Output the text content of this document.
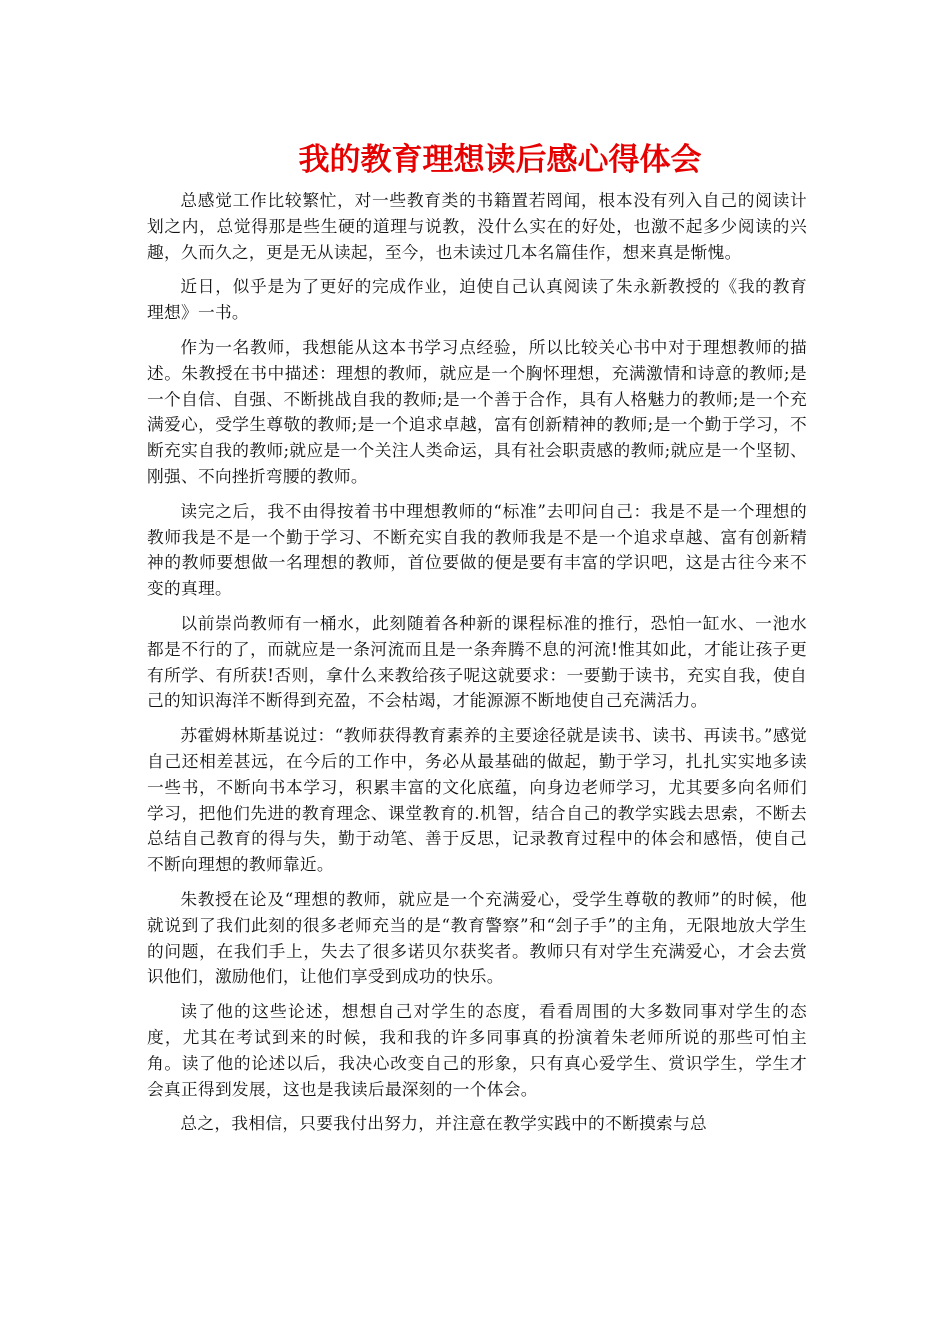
我的教育理想读后感心得体会

总感觉工作比较繁忙，对一些教育类的书籍置若罔闻，根本没有列入自己的阅读计划之内，总觉得那是些生硬的道理与说教，没什么实在的好处，也激不起多少阅读的兴趣，久而久之，更是无从读起，至今，也未读过几本名篇佳作，想来真是惭愧。

近日，似乎是为了更好的完成作业，迫使自己认真阅读了朱永新教授的《我的教育理想》一书。

作为一名教师，我想能从这本书学习点经验，所以比较关心书中对于理想教师的描述。朱教授在书中描述：理想的教师，就应是一个胸怀理想，充满激情和诗意的教师;是一个自信、自强、不断挑战自我的教师;是一个善于合作，具有人格魅力的教师;是一个充满爱心，受学生尊敬的教师;是一个追求卓越，富有创新精神的教师;是一个勤于学习，不断充实自我的教师;就应是一个关注人类命运，具有社会职责感的教师;就应是一个坚韧、刚强、不向挫折弯腰的教师。

读完之后，我不由得按着书中理想教师的“标准”去叩问自己：我是不是一个理想的教师我是不是一个勤于学习、不断充实自我的教师我是不是一个追求卓越、富有创新精神的教师要想做一名理想的教师，首位要做的便是要有丰富的学识吧，这是古往今来不变的真理。

以前崇尚教师有一桶水，此刻随着各种新的课程标准的推行，恐怕一缸水、一池水都是不行的了，而就应是一条河流而且是一条奔腾不息的河流!惟其如此，才能让孩子更有所学、有所获!否则，拿什么来教给孩子呢这就要求：一要勤于读书，充实自我，使自己的知识海洋不断得到充盈，不会枯竭，才能源源不断地使自己充满活力。

苏霍姆林斯基说过：“教师获得教育素养的主要途径就是读书、读书、再读书。”感觉自己还相差甚远，在今后的工作中，务必从最基础的做起，勤于学习，扎扎实实地多读一些书，不断向书本学习，积累丰富的文化底蕴，向身边老师学习，尤其要多向名师们学习，把他们先进的教育理念、课堂教育的.机智，结合自己的教学实践去思索，不断去总结自己教育的得与失，勤于动笔、善于反思，记录教育过程中的体会和感悟，使自己不断向理想的教师靠近。

朱教授在论及“理想的教师，就应是一个充满爱心，受学生尊敬的教师”的时候，他就说到了我们此刻的很多老师充当的是“教育警察”和“刽子手”的主角，无限地放大学生的问题，在我们手上，失去了很多诺贝尔获奖者。教师只有对学生充满爱心，才会去赏识他们，激励他们，让他们享受到成功的快乐。

读了他的这些论述，想想自己对学生的态度，看看周围的大多数同事对学生的态度，尤其在考试到来的时候，我和我的许多同事真的扮演着朱老师所说的那些可怕主角。读了他的论述以后，我决心改变自己的形象，只有真心爱学生、赏识学生，学生才会真正得到发展，这也是我读后最深刻的一个体会。

总之，我相信，只要我付出努力，并注意在教学实践中的不断摸索与总
